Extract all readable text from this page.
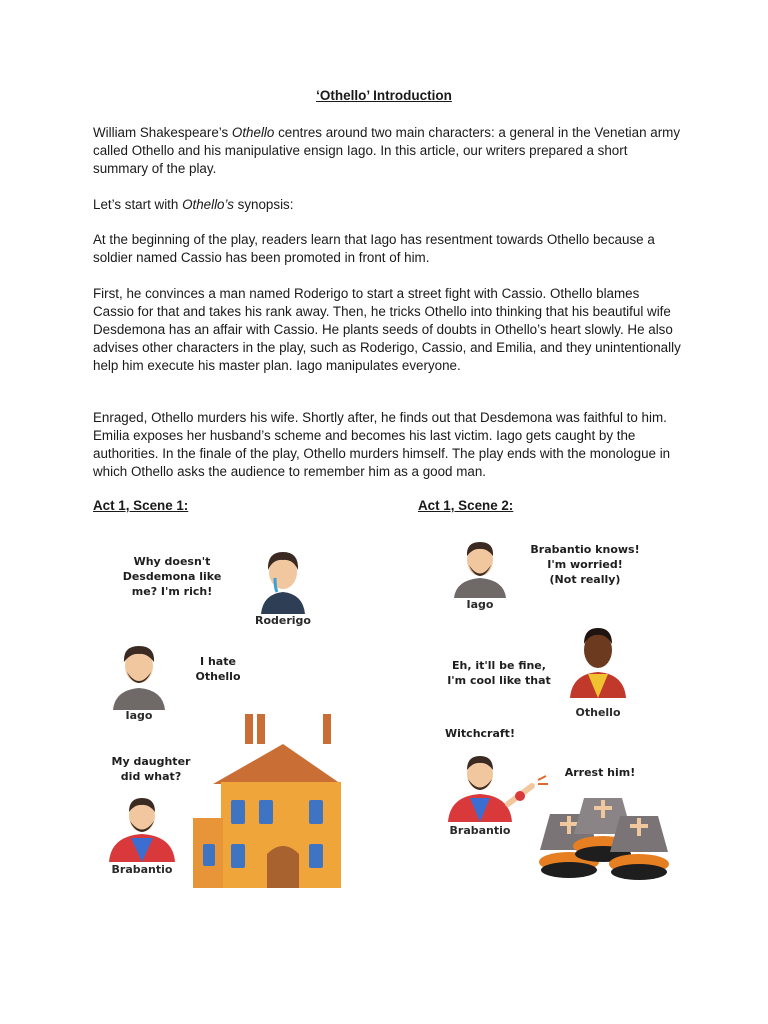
‘Othello’ Introduction
William Shakespeare’s Othello centres around two main characters: a general in the Venetian army called Othello and his manipulative ensign Iago. In this article, our writers prepared a short summary of the play.
Let’s start with Othello’s synopsis:
At the beginning of the play, readers learn that Iago has resentment towards Othello because a soldier named Cassio has been promoted in front of him.
First, he convinces a man named Roderigo to start a street fight with Cassio. Othello blames Cassio for that and takes his rank away. Then, he tricks Othello into thinking that his beautiful wife Desdemona has an affair with Cassio. He plants seeds of doubts in Othello’s heart slowly. He also advises other characters in the play, such as Roderigo, Cassio, and Emilia, and they unintentionally help him execute his master plan. Iago manipulates everyone.
Enraged, Othello murders his wife. Shortly after, he finds out that Desdemona was faithful to him. Emilia exposes her husband’s scheme and becomes his last victim. Iago gets caught by the authorities. In the finale of the play, Othello murders himself. The play ends with the monologue in which Othello asks the audience to remember him as a good man.
Act 1, Scene 1:	Act 1, Scene 2:
Why doesn't
Desdemona like
me? I'm rich!
Roderigo
Iago
I hate
Othello
My daughter
did what?
Brabantio
Iago
Brabantio knows!
I'm worried!
(Not really)
Eh, it'll be fine,
I'm cool like that
Othello
Witchcraft!
Brabantio
Arrest him!
